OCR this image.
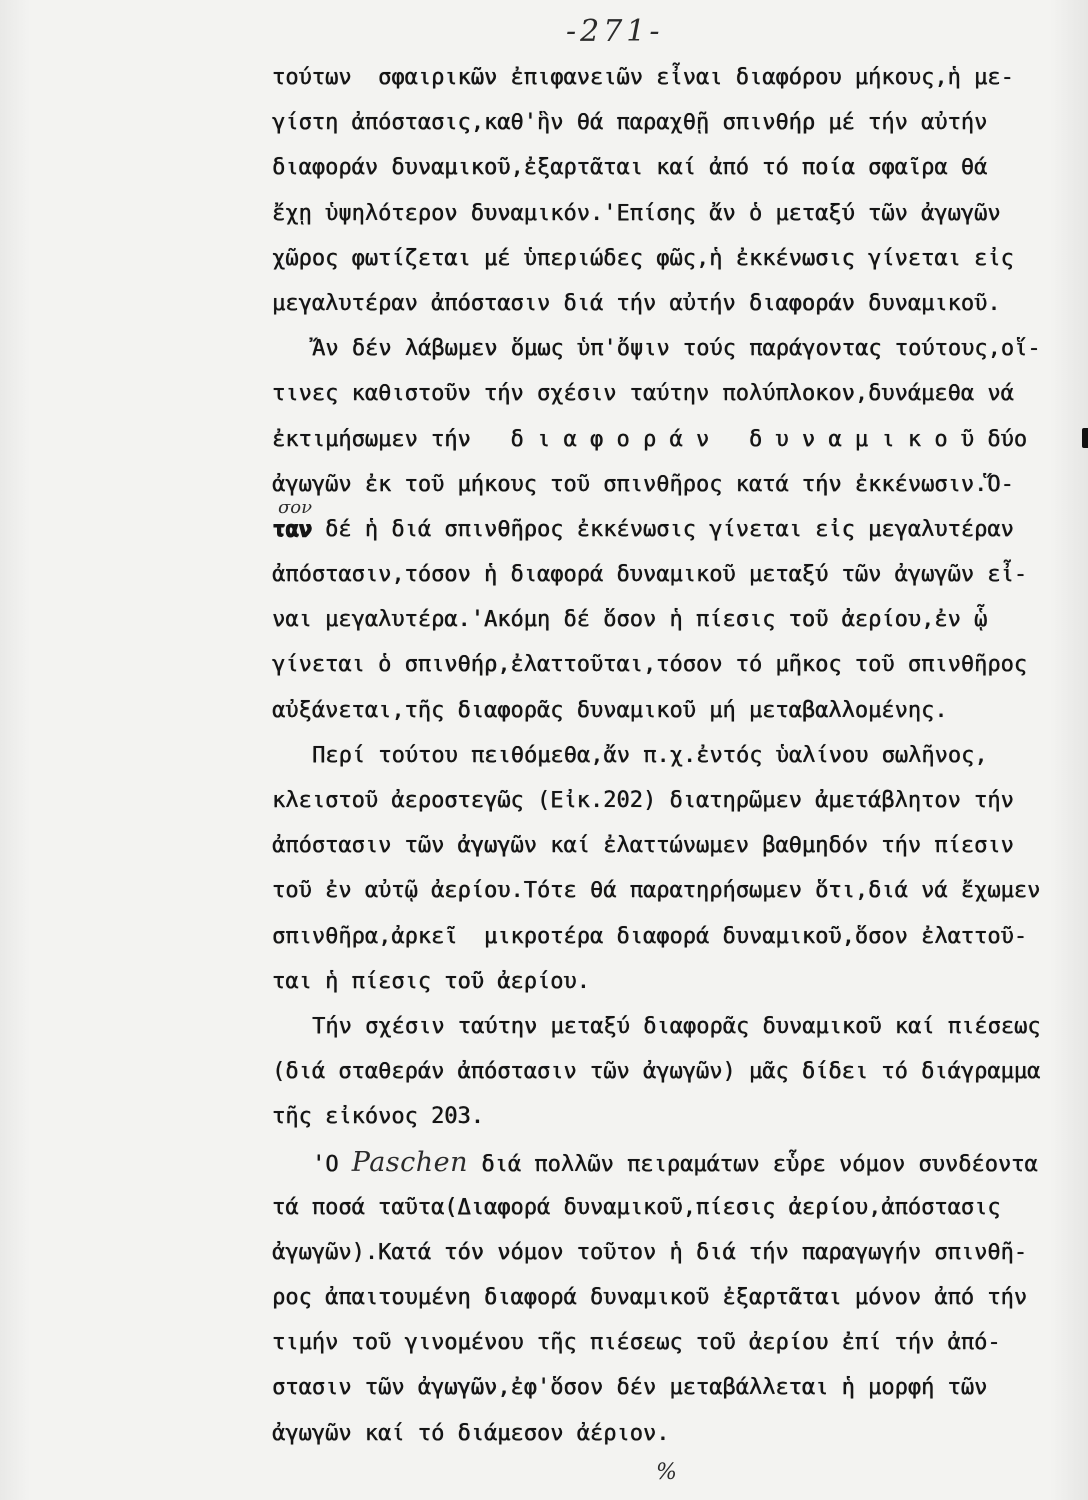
-271-
τούτων  σφαιρικῶν ἐπιφανειῶν εἶναι διαφόρου μήκους,ἡ με-
γίστη ἀπόστασις,καθ'ἣν θά παραχθῇ σπινθήρ μέ τήν αὐτήν
διαφοράν δυναμικοῦ,ἐξαρτᾶται καί ἀπό τό ποία σφαῖρα θά
ἔχῃ ὑψηλότερον δυναμικόν.'Επίσης ἄν ὁ μεταξύ τῶν ἀγωγῶν
χῶρος φωτίζεται μέ ὑπεριώδες φῶς,ἡ ἐκκένωσις γίνεται εἰς
μεγαλυτέραν ἀπόστασιν διά τήν αὐτήν διαφοράν δυναμικοῦ.
Ἄν δέν λάβωμεν ὅμως ὑπ'ὄψιν τούς παράγοντας τούτους,οἵ-
τινες καθιστοῦν τήν σχέσιν ταύτην πολύπλοκον,δυνάμεθα νά
ἐκτιμήσωμεν τήν   δ ι α φ ο ρ ά ν   δ υ ν α μ ι κ ο ῦ δύο
ἀγωγῶν ἐκ τοῦ μήκους τοῦ σπινθῆρος κατά τήν ἐκκένωσιν.Ὅ-
ταν δέ ἡ διά σπινθῆρος ἐκκένωσις γίνεται εἰς μεγαλυτέραν
σον
ἀπόστασιν,τόσον ἡ διαφορά δυναμικοῦ μεταξύ τῶν ἀγωγῶν εἶ-
ναι μεγαλυτέρα.'Ακόμη δέ ὅσον ἡ πίεσις τοῦ ἀερίου,ἐν ᾧ
γίνεται ὁ σπινθήρ,ἐλαττοῦται,τόσον τό μῆκος τοῦ σπινθῆρος
αὐξάνεται,τῆς διαφορᾶς δυναμικοῦ μή μεταβαλλομένης.
Περί τούτου πειθόμεθα,ἄν π.χ.ἐντός ὑαλίνου σωλῆνος,
κλειστοῦ ἀεροστεγῶς (Εἰκ.202) διατηρῶμεν ἀμετάβλητον τήν
ἀπόστασιν τῶν ἀγωγῶν καί ἐλαττώνωμεν βαθμηδόν τήν πίεσιν
τοῦ ἐν αὐτῷ ἀερίου.Τότε θά παρατηρήσωμεν ὅτι,διά νά ἔχωμεν
σπινθῆρα,ἀρκεῖ  μικροτέρα διαφορά δυναμικοῦ,ὅσον ἐλαττοῦ-
ται ἡ πίεσις τοῦ ἀερίου.
Τήν σχέσιν ταύτην μεταξύ διαφορᾶς δυναμικοῦ καί πιέσεως
(διά σταθεράν ἀπόστασιν τῶν ἀγωγῶν) μᾶς δίδει τό διάγραμμα
τῆς εἰκόνος 203.
'Ο Paschen διά πολλῶν πειραμάτων εὗρε νόμον συνδέοντα
τά ποσά ταῦτα(Διαφορά δυναμικοῦ,πίεσις ἀερίου,ἀπόστασις
ἀγωγῶν).Κατά τόν νόμον τοῦτον ἡ διά τήν παραγωγήν σπινθῆ-
ρος ἀπαιτουμένη διαφορά δυναμικοῦ ἐξαρτᾶται μόνον ἀπό τήν
τιμήν τοῦ γινομένου τῆς πιέσεως τοῦ ἀερίου ἐπί τήν ἀπό-
στασιν τῶν ἀγωγῶν,ἐφ'ὅσον δέν μεταβάλλεται ἡ μορφή τῶν
ἀγωγῶν καί τό διάμεσον ἀέριον.
%
